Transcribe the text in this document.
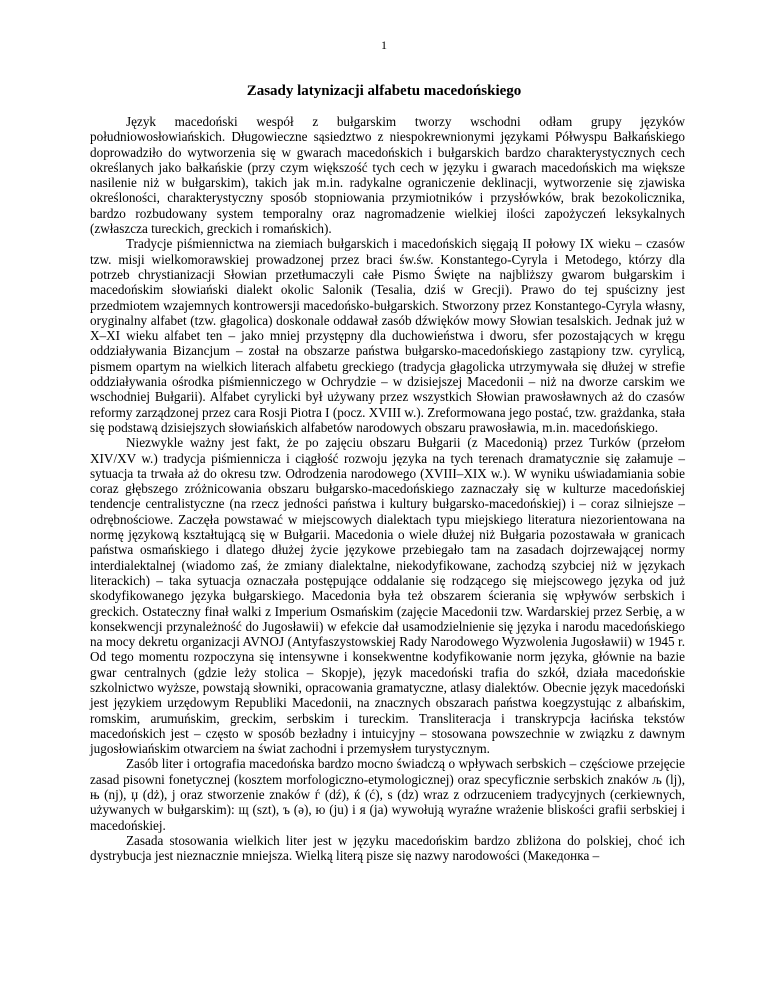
1
Zasady latynizacji alfabetu macedońskiego

Język macedoński wespół z bułgarskim tworzy wschodni odłam grupy języków południowosłowiańskich. Długowieczne sąsiedztwo z niespokrewnionymi językami Półwyspu Bałkańskiego doprowadziło do wytworzenia się w gwarach macedońskich i bułgarskich bardzo charakterystycznych cech określanych jako bałkańskie (przy czym większość tych cech w języku i gwarach macedońskich ma większe nasilenie niż w bułgarskim), takich jak m.in. radykalne ograniczenie deklinacji, wytworzenie się zjawiska określoności, charakterystyczny sposób stopniowania przymiotników i przysłówków, brak bezokolicznika, bardzo rozbudowany system temporalny oraz nagromadzenie wielkiej ilości zapożyczeń leksykalnych (zwłaszcza tureckich, greckich i romańskich).

Tradycje piśmiennictwa na ziemiach bułgarskich i macedońskich sięgają II połowy IX wieku – czasów tzw. misji wielkomorawskiej prowadzonej przez braci św.św. Konstantego-Cyryla i Metodego, którzy dla potrzeb chrystianizacji Słowian przetłumaczyli całe Pismo Święte na najbliższy gwarom bułgarskim i macedońskim słowiański dialekt okolic Salonik (Tesalia, dziś w Grecji). Prawo do tej spuścizny jest przedmiotem wzajemnych kontrowersji macedońsko-bułgarskich. Stworzony przez Konstantego-Cyryla własny, oryginalny alfabet (tzw. głagolica) doskonale oddawał zasób dźwięków mowy Słowian tesalskich. Jednak już w X–XI wieku alfabet ten – jako mniej przystępny dla duchowieństwa i dworu, sfer pozostających w kręgu oddziaływania Bizancjum – został na obszarze państwa bułgarsko-macedońskiego zastąpiony tzw. cyrylicą, pismem opartym na wielkich literach alfabetu greckiego (tradycja głagolicka utrzymywała się dłużej w strefie oddziaływania ośrodka piśmienniczego w Ochrydzie – w dzisiejszej Macedonii – niż na dworze carskim we wschodniej Bułgarii). Alfabet cyrylicki był używany przez wszystkich Słowian prawosławnych aż do czasów reformy zarządzonej przez cara Rosji Piotra I (pocz. XVIII w.). Zreformowana jego postać, tzw. grażdanka, stała się podstawą dzisiejszych słowiańskich alfabetów narodowych obszaru prawosławia, m.in. macedońskiego.

Niezwykle ważny jest fakt, że po zajęciu obszaru Bułgarii (z Macedonią) przez Turków (przełom XIV/XV w.) tradycja piśmiennicza i ciągłość rozwoju języka na tych terenach dramatycznie się załamuje – sytuacja ta trwała aż do okresu tzw. Odrodzenia narodowego (XVIII–XIX w.). W wyniku uświadamiania sobie coraz głębszego zróżnicowania obszaru bułgarsko-macedońskiego zaznaczały się w kulturze macedońskiej tendencje centralistyczne (na rzecz jedności państwa i kultury bułgarsko-macedońskiej) i – coraz silniejsze – odrębnościowe. Zaczęła powstawać w miejscowych dialektach typu miejskiego literatura niezorientowana na normę językową kształtującą się w Bułgarii. Macedonia o wiele dłużej niż Bułgaria pozostawała w granicach państwa osmańskiego i dlatego dłużej życie językowe przebiegało tam na zasadach dojrzewającej normy interdialektalnej (wiadomo zaś, że zmiany dialektalne, niekodyfikowane, zachodzą szybciej niż w językach literackich) – taka sytuacja oznaczała postępujące oddalanie się rodzącego się miejscowego języka od już skodyfikowanego języka bułgarskiego. Macedonia była też obszarem ścierania się wpływów serbskich i greckich. Ostateczny finał walki z Imperium Osmańskim (zajęcie Macedonii tzw. Wardarskiej przez Serbię, a w konsekwencji przynależność do Jugosławii) w efekcie dał usamodzielnienie się języka i narodu macedońskiego na mocy dekretu organizacji AVNOJ (Antyfaszystowskiej Rady Narodowego Wyzwolenia Jugosławii) w 1945 r. Od tego momentu rozpoczyna się intensywne i konsekwentne kodyfikowanie norm języka, głównie na bazie gwar centralnych (gdzie leży stolica – Skopje), język macedoński trafia do szkół, działa macedońskie szkolnictwo wyższe, powstają słowniki, opracowania gramatyczne, atlasy dialektów. Obecnie język macedoński jest językiem urzędowym Republiki Macedonii, na znacznych obszarach państwa koegzystując z albańskim, romskim, arumuńskim, greckim, serbskim i tureckim. Transliteracja i transkrypcja łacińska tekstów macedońskich jest – często w sposób bezładny i intuicyjny – stosowana powszechnie w związku z dawnym jugosłowiańskim otwarciem na świat zachodni i przemysłem turystycznym.

Zasób liter i ortografia macedońska bardzo mocno świadczą o wpływach serbskich – częściowe przejęcie zasad pisowni fonetycznej (kosztem morfologiczno-etymologicznej) oraz specyficznie serbskich znaków љ (lj), њ (nj), џ (dż), j oraz stworzenie znaków ѓ (dź), ќ (ć), ѕ (dz) wraz z odrzuceniem tradycyjnych (cerkiewnych, używanych w bułgarskim): щ (szt), ъ (ə), ю (ju) i я (ja) wywołują wyraźne wrażenie bliskości grafii serbskiej i macedońskiej.

Zasada stosowania wielkich liter jest w języku macedońskim bardzo zbliżona do polskiej, choć ich dystrybucja jest nieznacznie mniejsza. Wielką literą pisze się nazwy narodowości (Македонка –
